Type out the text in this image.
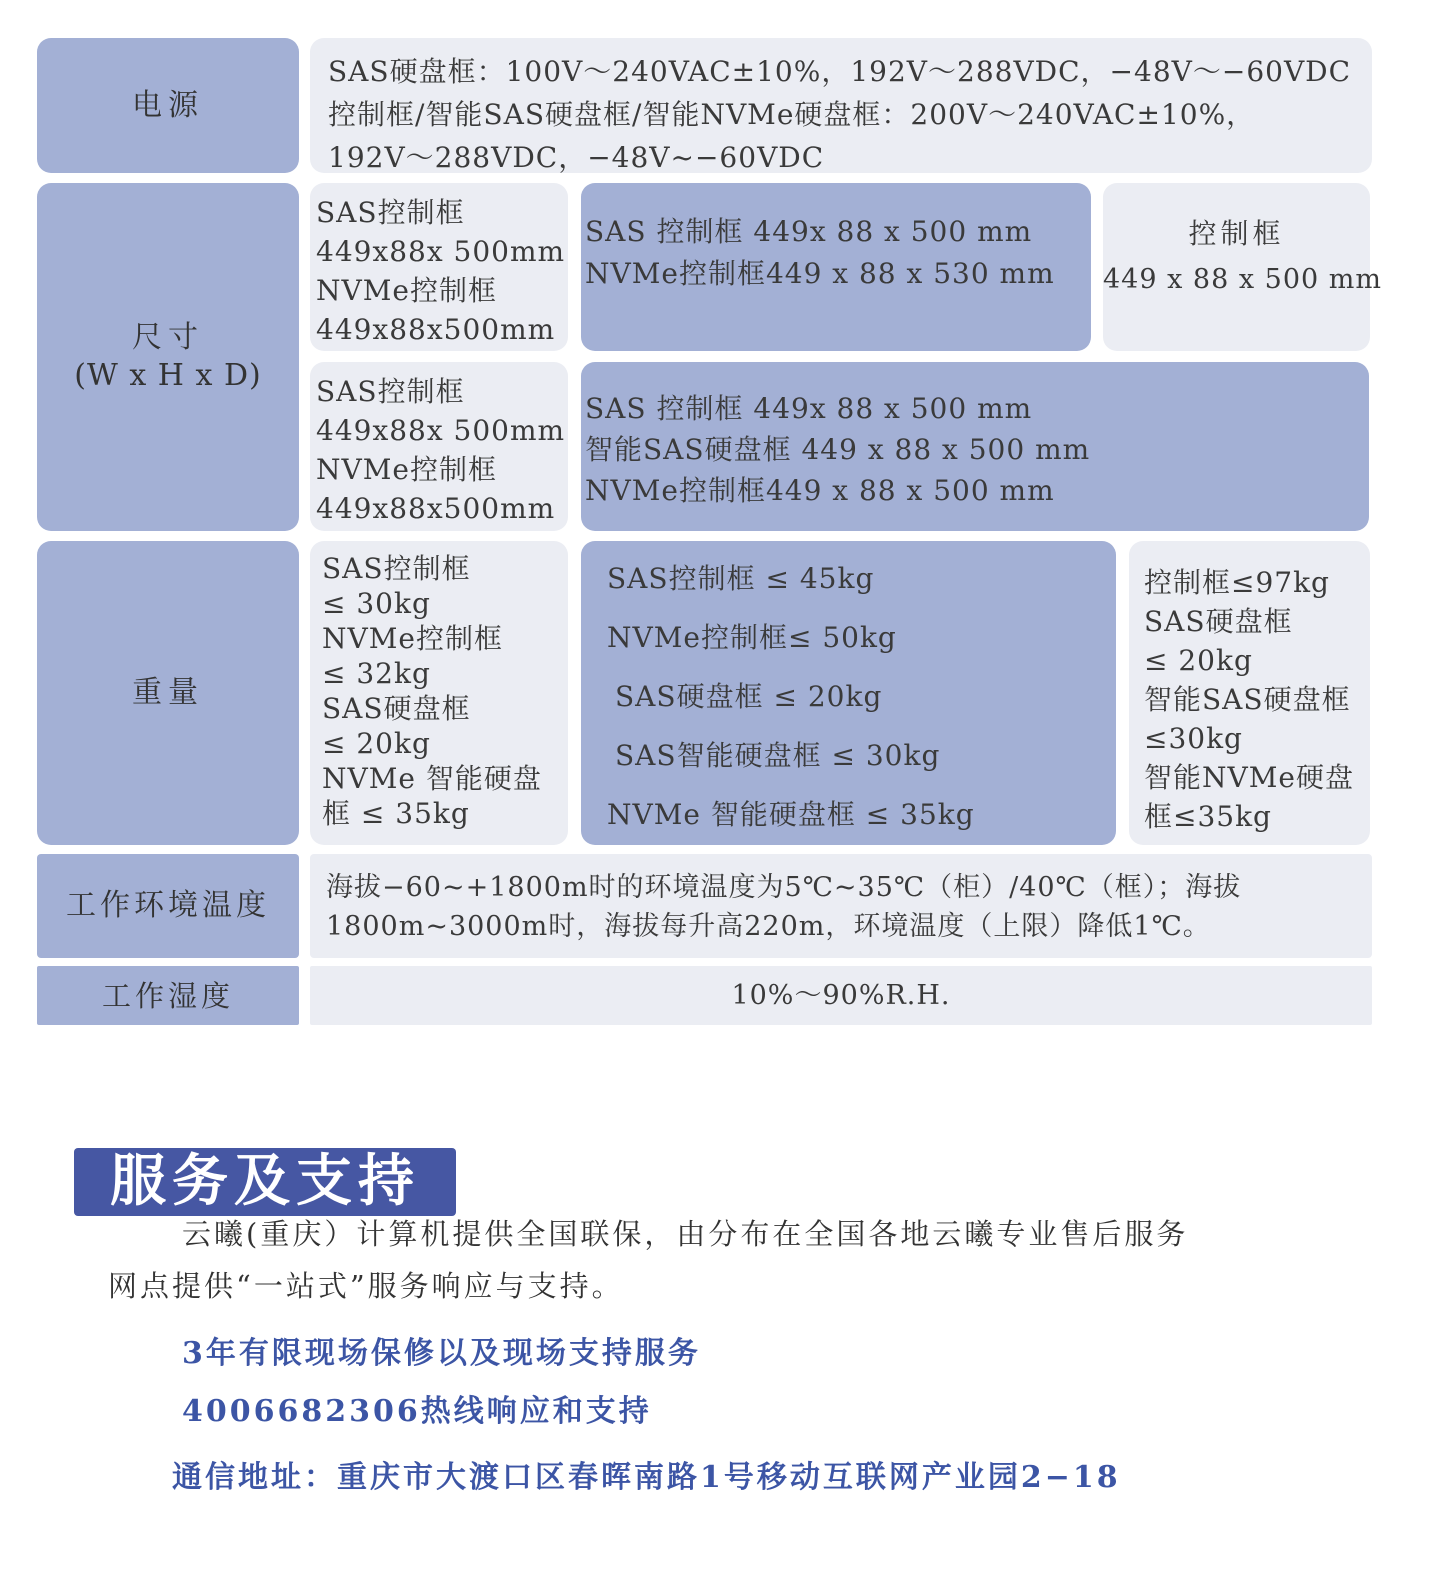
电源
SAS硬盘框：100V～240VAC±10%，192V～288VDC，−48V～−60VDC
控制框/智能SAS硬盘框/智能NVMe硬盘框：200V～240VAC±10%，
192V～288VDC，−48V~−60VDC
尺寸
(W x H x D)
SAS控制框
449x88x 500mm
NVMe控制框
449x88x500mm
SAS 控制框 449x 88 x 500 mm
NVMe控制框449 x 88 x 530 mm
控制框
449 x 88 x 500 mm
SAS控制框
449x88x 500mm
NVMe控制框
449x88x500mm
SAS 控制框 449x 88 x 500 mm
智能SAS硬盘框 449 x 88 x 500 mm
NVMe控制框449 x 88 x 500 mm
重量
SAS控制框
≤ 30kg
NVMe控制框
≤ 32kg
SAS硬盘框
≤ 20kg
NVMe 智能硬盘
框 ≤ 35kg
SAS控制框 ≤ 45kg
NVMe控制框≤ 50kg
SAS硬盘框 ≤ 20kg
SAS智能硬盘框 ≤ 30kg
NVMe 智能硬盘框 ≤ 35kg
控制框≤97kg
SAS硬盘框
≤ 20kg
智能SAS硬盘框
≤30kg
智能NVMe硬盘
框≤35kg
工作环境温度
海拔−60~+1800m时的环境温度为5℃~35℃（柜）/40℃（框）；海拔
1800m~3000m时，海拔每升高220m，环境温度（上限）降低1℃。
工作湿度	10%～90%R.H.
服务及支持
云曦(重庆）计算机提供全国联保，由分布在全国各地云曦专业售后服务
网点提供“一站式”服务响应与支持。
3年有限现场保修以及现场支持服务
4006682306热线响应和支持
通信地址：重庆市大渡口区春晖南路1号移动互联网产业园2−18
